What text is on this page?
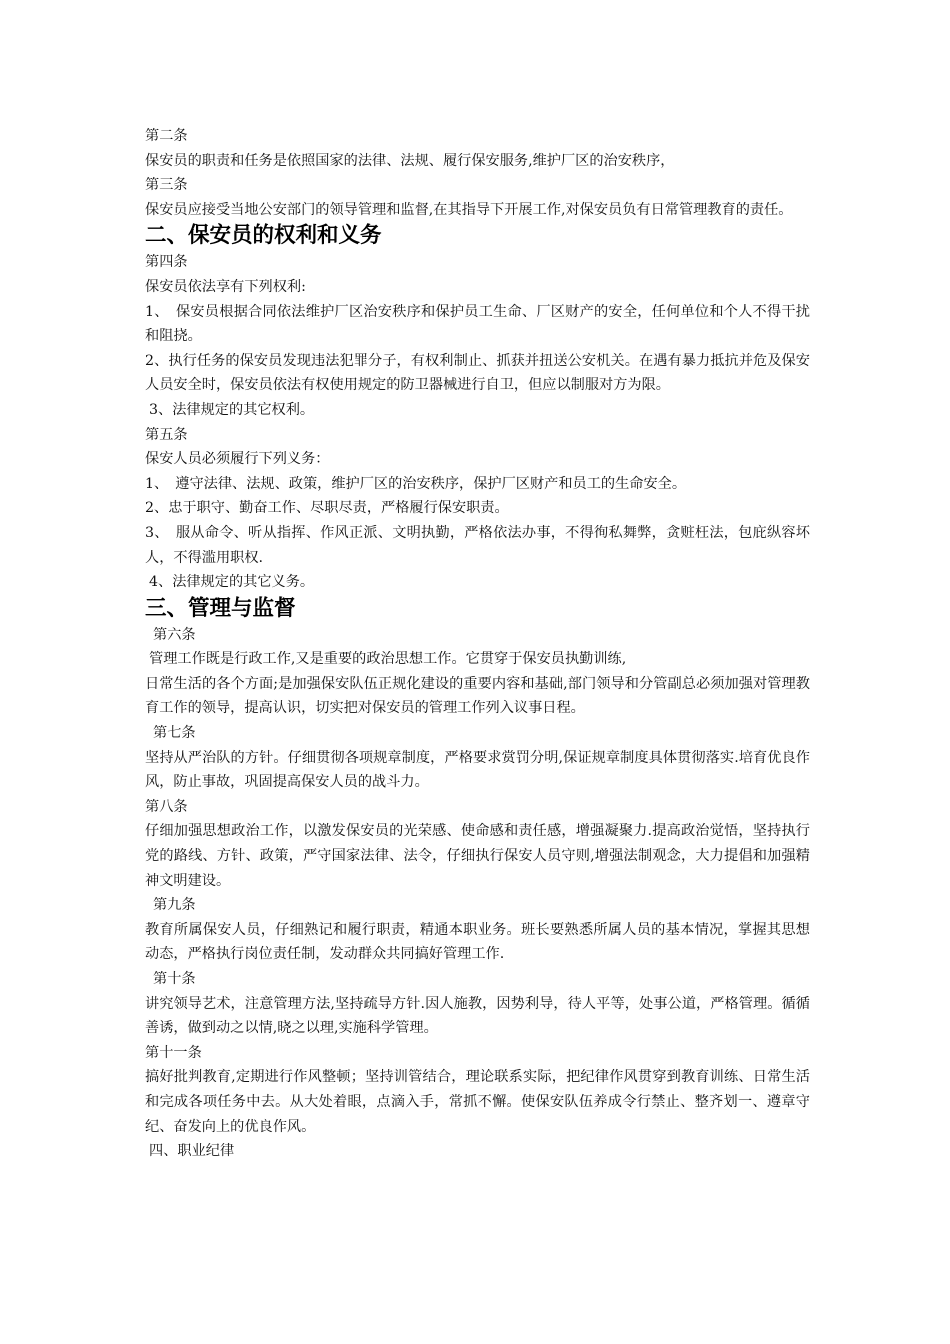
第二条

保安员的职责和任务是依照国家的法律、法规、履行保安服务,维护厂区的治安秩序，

第三条

保安员应接受当地公安部门的领导管理和监督,在其指导下开展工作,对保安员负有日常管理教育的责任。

二、保安员的权利和义务

第四条

保安员依法享有下列权利:

1、　保安员根据合同依法维护厂区治安秩序和保护员工生命、厂区财产的安全，任何单位和个人不得干扰和阻挠。

2、执行任务的保安员发现违法犯罪分子，有权利制止、抓获并扭送公安机关。在遇有暴力抵抗并危及保安人员安全时，保安员依法有权使用规定的防卫器械进行自卫，但应以制服对方为限。

3、法律规定的其它权利。

第五条

保安人员必须履行下列义务：

1、　遵守法律、法规、政策，维护厂区的治安秩序，保护厂区财产和员工的生命安全。

2、忠于职守、勤奋工作、尽职尽责，严格履行保安职责。

3、　服从命令、听从指挥、作风正派、文明执勤，严格依法办事，不得徇私舞弊，贪赃枉法，包庇纵容坏人，不得滥用职权.

4、法律规定的其它义务。

三、管理与监督

第六条

管理工作既是行政工作,又是重要的政治思想工作。它贯穿于保安员执勤训练,

日常生活的各个方面;是加强保安队伍正规化建设的重要内容和基础,部门领导和分管副总必须加强对管理教育工作的领导，提高认识，切实把对保安员的管理工作列入议事日程。

第七条

坚持从严治队的方针。仔细贯彻各项规章制度，严格要求赏罚分明,保证规章制度具体贯彻落实.培育优良作风，防止事故，巩固提高保安人员的战斗力。

第八条

仔细加强思想政治工作，以激发保安员的光荣感、使命感和责任感，增强凝聚力.提高政治觉悟，坚持执行党的路线、方针、政策，严守国家法律、法令，仔细执行保安人员守则,增强法制观念，大力提倡和加强精神文明建设。

第九条

教育所属保安人员，仔细熟记和履行职责，精通本职业务。班长要熟悉所属人员的基本情况，掌握其思想动态，严格执行岗位责任制，发动群众共同搞好管理工作.

第十条

讲究领导艺术，注意管理方法,坚持疏导方针.因人施教，因势利导，待人平等，处事公道，严格管理。循循善诱，做到动之以情,晓之以理,实施科学管理。

第十一条

搞好批判教育,定期进行作风整顿；坚持训管结合，理论联系实际，把纪律作风贯穿到教育训练、日常生活和完成各项任务中去。从大处着眼，点滴入手，常抓不懈。使保安队伍养成令行禁止、整齐划一、遵章守纪、奋发向上的优良作风。

四、职业纪律
